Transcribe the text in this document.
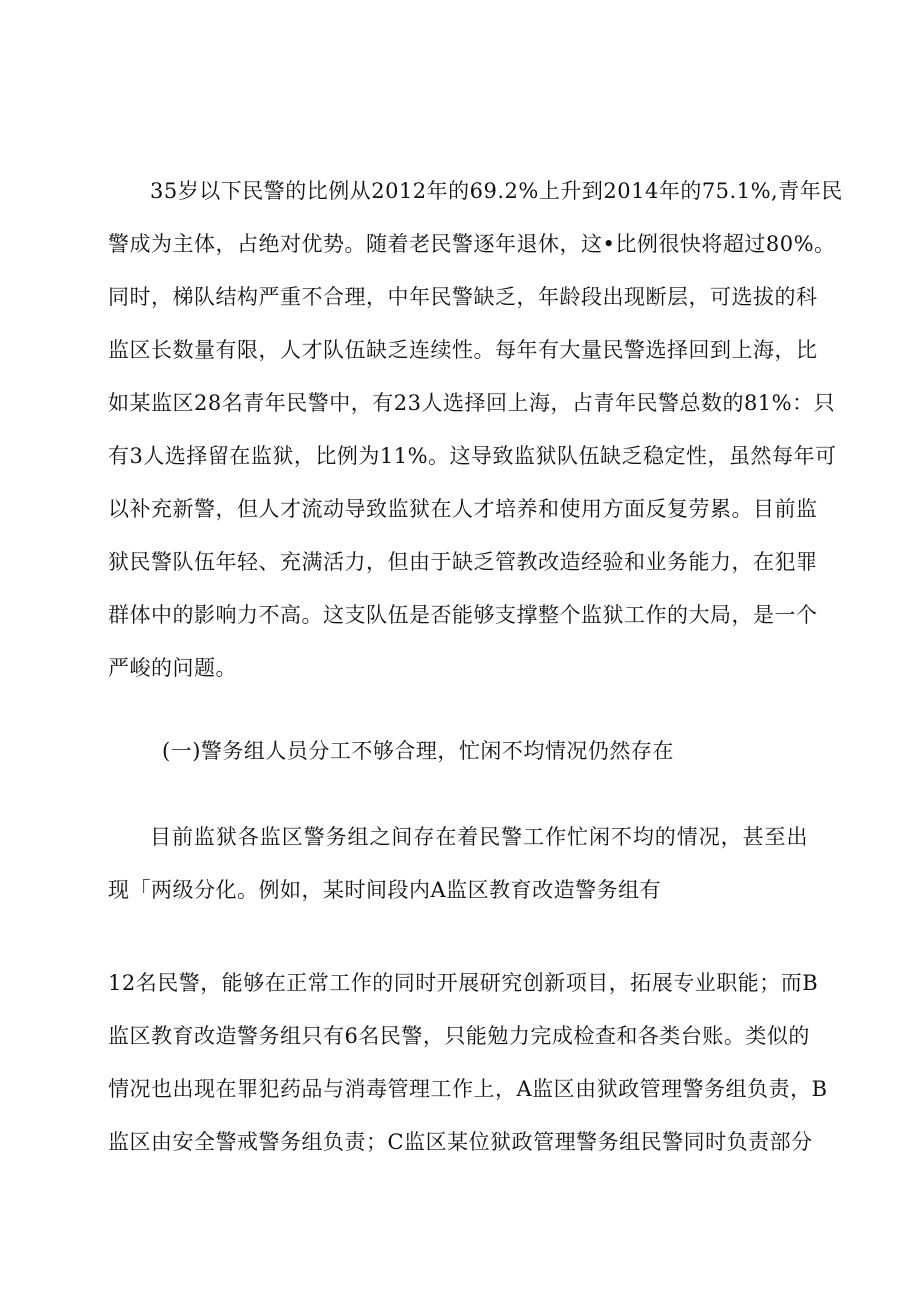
35岁以下民警的比例从2012年的69.2%上升到2014年的75.1%,青年民
警成为主体，占绝对优势。随着老民警逐年退休，这•比例很快将超过80%。
同时，梯队结构严重不合理，中年民警缺乏，年龄段出现断层，可选拔的科
监区长数量有限，人才队伍缺乏连续性。每年有大量民警选择回到上海，比
如某监区28名青年民警中，有23人选择回上海，占青年民警总数的81%：只
有3人选择留在监狱，比例为11%。这导致监狱队伍缺乏稳定性，虽然每年可
以补充新警，但人才流动导致监狱在人才培养和使用方面反复劳累。目前监
狱民警队伍年轻、充满活力，但由于缺乏管教改造经验和业务能力，在犯罪
群体中的影响力不高。这支队伍是否能够支撑整个监狱工作的大局，是一个
严峻的问题。
(一)警务组人员分工不够合理，忙闲不均情况仍然存在
目前监狱各监区警务组之间存在着民警工作忙闲不均的情况，甚至出
现「两级分化。例如，某时间段内A监区教育改造警务组有
12名民警，能够在正常工作的同时开展研究创新项目，拓展专业职能；而B
监区教育改造警务组只有6名民警，只能勉力完成检查和各类台账。类似的
情况也出现在罪犯药品与消毒管理工作上，A监区由狱政管理警务组负责，B
监区由安全警戒警务组负责；C监区某位狱政管理警务组民警同时负责部分
